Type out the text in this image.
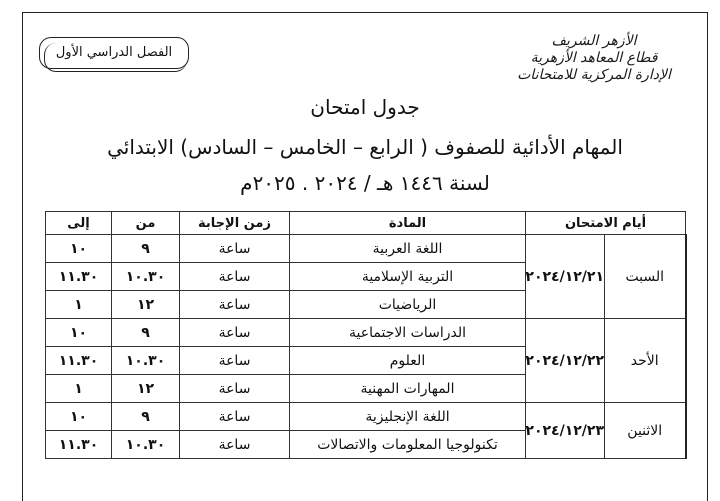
الأزهر الشريف
قطاع المعاهد الأزهرية
الإدارة المركزية للامتحانات
الفصل الدراسي الأول
جدول امتحان
المهام الأدائية للصفوف ( الرابع – الخامس – السادس) الابتدائي
لسنة ١٤٤٦ هـ / ٢٠٢٤ . ٢٠٢٥م
أيام الامتحان		المادة	زمن الإجابة	من	إلى
السبت	٢٠٢٤/١٢/٢١	اللغة العربية	ساعة	٩	١٠
		التربية الإسلامية	ساعة	١٠.٣٠	١١.٣٠
		الرياضيات	ساعة	١٢	١
الأحد	٢٠٢٤/١٢/٢٢	الدراسات الاجتماعية	ساعة	٩	١٠
		العلوم	ساعة	١٠.٣٠	١١.٣٠
		المهارات المهنية	ساعة	١٢	١
الاثنين	٢٠٢٤/١٢/٢٣	اللغة الإنجليزية	ساعة	٩	١٠
		تكنولوجيا المعلومات والاتصالات	ساعة	١٠.٣٠	١١.٣٠
